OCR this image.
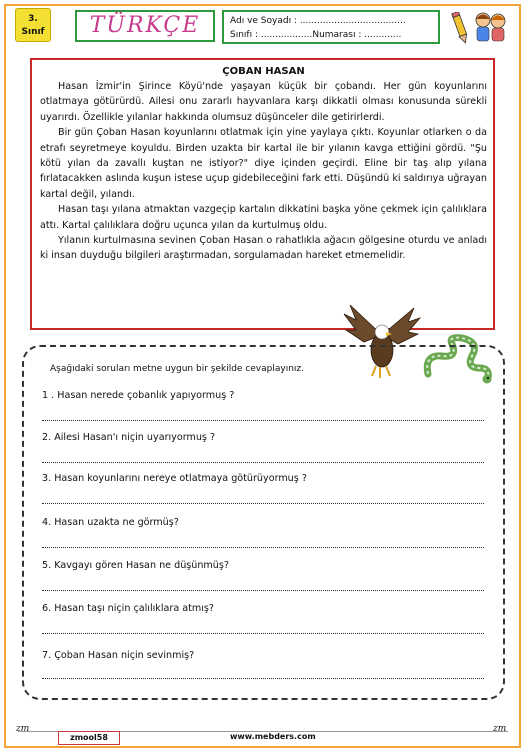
3.
Sınıf	TÜRKÇE	Adı ve Soyadı : .....................................
Sınıfı : ..................Numarası : .............
ÇOBAN HASAN

Hasan İzmir'in Şirince Köyü'nde yaşayan küçük bir çobandı. Her gün koyunlarını otlatmaya götürürdü. Ailesi onu zararlı hayvanlara karşı dikkatli olması konusunda sürekli uyarırdı. Özellikle yılanlar hakkında olumsuz düşünceler dile getirirlerdi.

Bir gün Çoban Hasan koyunlarını otlatmak için yine yaylaya çıktı. Koyunlar otlarken o da etrafı seyretmeye koyuldu. Birden uzakta bir kartal ile bir yılanın kavga ettiğini gördü. "Şu kötü yılan da zavallı kuştan ne istiyor?" diye içinden geçirdi. Eline bir taş alıp yılana fırlatacakken aslında kuşun istese uçup gidebileceğini fark etti. Düşündü ki saldırıya uğrayan kartal değil, yılandı.

Hasan taşı yılana atmaktan vazgeçip kartalın dikkatini başka yöne çekmek için çalılıklara attı. Kartal çalılıklara doğru uçunca yılan da kurtulmuş oldu.

Yılanın kurtulmasına sevinen Çoban Hasan o rahatlıkla ağacın gölgesine oturdu ve anladı ki insan duyduğu bilgileri araştırmadan, sorgulamadan hareket etmemelidir.

Aşağıdaki soruları metne uygun bir şekilde cevaplayınız.
1 . Hasan nerede çobanlık yapıyormuş ?
2. Ailesi Hasan'ı niçin uyarıyormuş ?
3. Hasan koyunlarını nereye otlatmaya götürüyormuş ?
4. Hasan uzakta ne görmüş?
5. Kavgayı gören Hasan ne düşünmüş?
6. Hasan taşı niçin çalılıklara atmış?
7. Çoban Hasan niçin sevinmiş?
zmool58	www.mebders.com
zm	zm
